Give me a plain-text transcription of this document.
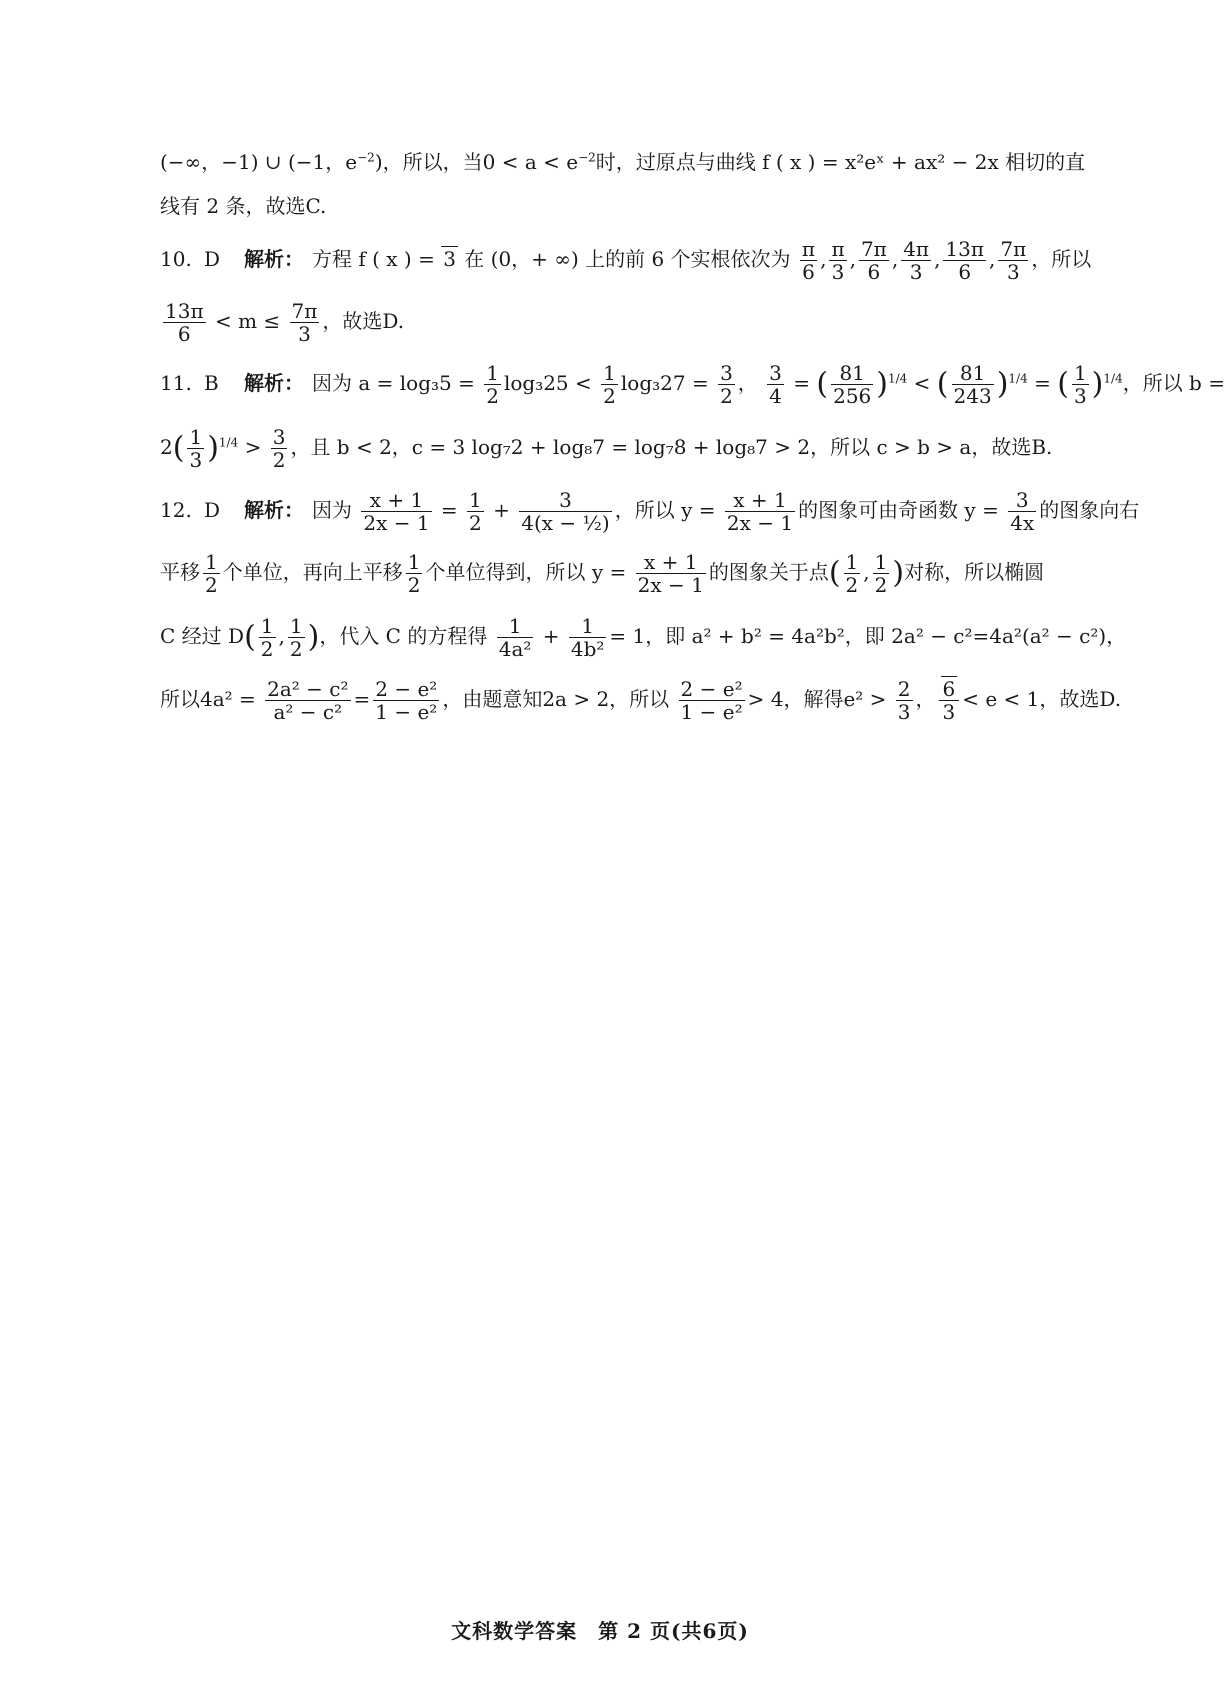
(−∞，−1) ∪ (−1，$e^{-2}$)，所以，当$0 < a < e^{-2}$时，过原点与曲线 f ( x ) = x²eˣ + ax² − 2x 相切的直
线有 2 条，故选C.
10. D 解析： 方程 f ( x ) = 3 在 (0，+ ∞) 上的前 6 个实根依次为 $\frac{\pi}{6}$ , $\frac{\pi}{3}$ , $\frac{7\pi}{6}$ , $\frac{4\pi}{3}$ , $\frac{13\pi}{6}$ , $\frac{7\pi}{3}$ ，所以
$\frac{13\pi}{6} < m \le \frac{7\pi}{3}$ ，故选D.
11. B 解析： 因为 $a = \log_35 = \frac{1}{2} \log_325 < \frac{1}{2} \log_327 = \frac{3}{2}$ ， $\frac{3}{4}$ = ( $\frac{81}{256} )^{1/4}$ < ( $\frac{81}{243} )^{1/4}$ = ( $\frac{1}{3} )^{1/4}$，所以 b =
$2( \frac{1}{3} )^{1/4} > \frac{3}{2}$ ，且 b < 2，c = 3 log₇2 + log₈7 = log₇8 + log₈7 > 2，所以 c > b > a，故选B.
12. D 解析： 因为 $\frac{x + 1}{2x - 1} = \frac{1}{2} + \frac{3}{\text{4(x − ½)}}$ ，所以 $y = \frac{x + 1}{2x - 1}$ 的图象可由奇函数 $y = \frac{3}{4x}$ 的图象向右
平移 $\frac{1}{2}$ 个单位，再向上平移 $\frac{1}{2}$ 个单位得到，所以 $y = \frac{x + 1}{2x - 1}$ 的图象关于点( $\frac{1}{2}$ , $\frac{1}{2}$ )对称，所以椭圆
C 经过 $D( \frac{1}{2}$ , $\frac{1}{2}$ )，代入 C 的方程得 $\frac{1}{\text{4a²}} + \frac{1}{\text{4b²}} = 1$，即 a² + b² = 4a²b²，即 2a² − c²=4a²(a² − c²)，
所以$4a^2 = \frac{\text{2a² − c²}}{\text{a² − c²}} = \frac{\text{2 − e²}}{\text{1 − e²}}$ ，由题意知2a > 2，所以 $\frac{\text{2 − e²}}{\text{1 − e²}} > 4$，解得$e^2 > \frac{2}{3}$ ， $\frac{6}{3} < e < 1$，故选D.
文科数学答案　第 2 页(共6页)
